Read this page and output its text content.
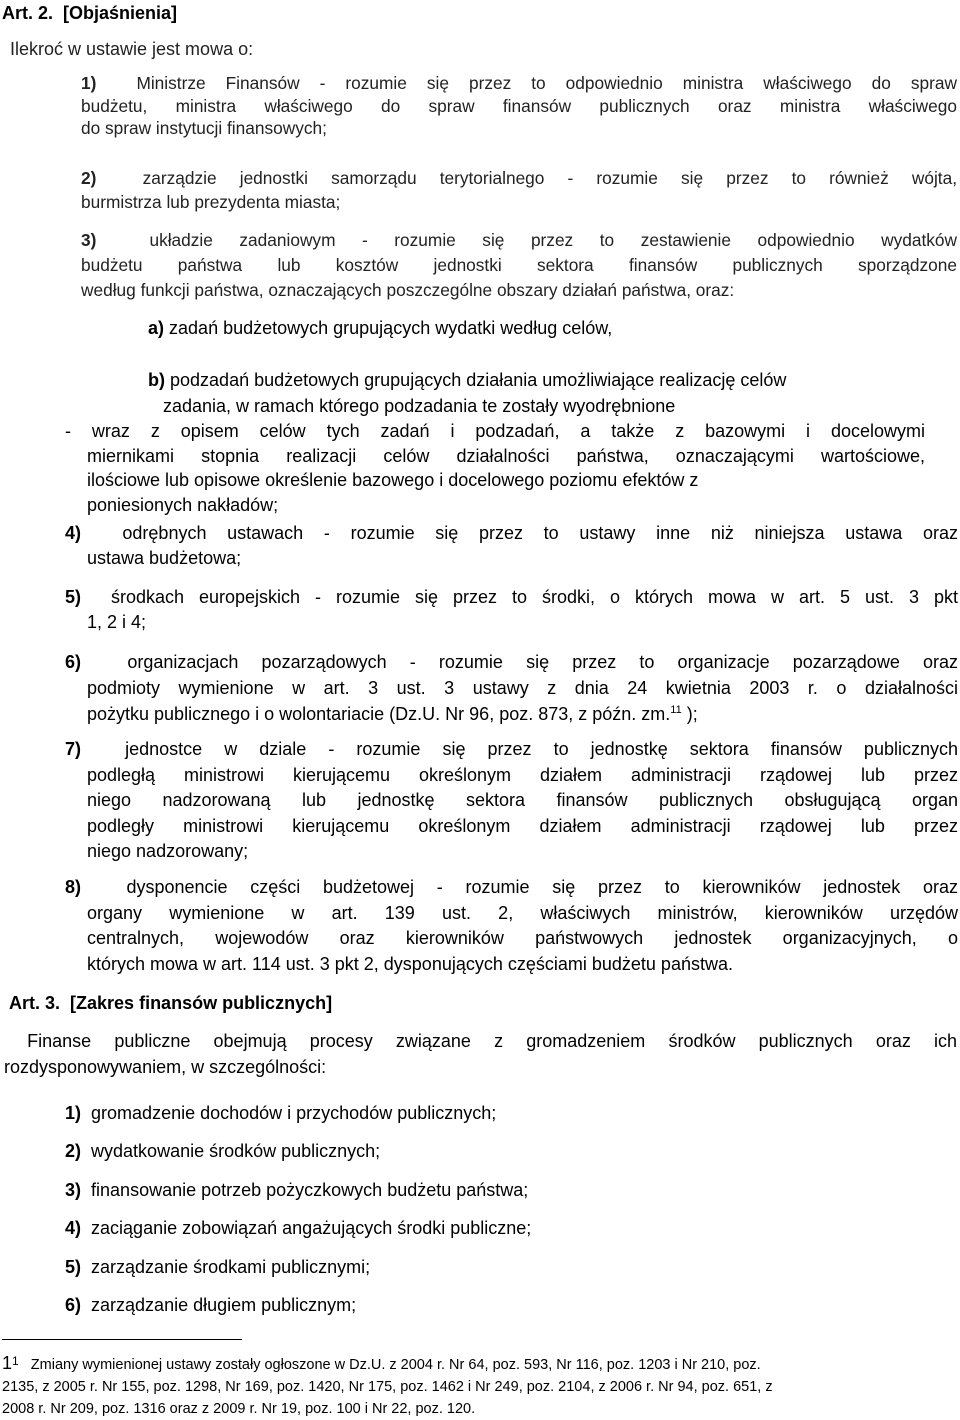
Art. 2. [Objaśnienia]
Ilekroć w ustawie jest mowa o:
1) Ministrze Finansów - rozumie się przez to odpowiednio ministra właściwego do spraw
budżetu, ministra właściwego do spraw finansów publicznych oraz ministra właściwego
do spraw instytucji finansowych;
2)	zarządzie jednostki samorządu terytorialnego - rozumie się przez to również wójta,
burmistrza lub prezydenta miasta;
3)	układzie zadaniowym - rozumie się przez to zestawienie odpowiednio wydatków
budżetu państwa lub kosztów jednostki sektora finansów publicznych sporządzone
według funkcji państwa, oznaczających poszczególne obszary działań państwa, oraz:
a) zadań budżetowych grupujących wydatki według celów,
b) podzadań budżetowych grupujących działania umożliwiające realizację celów
zadania, w ramach którego podzadania te zostały wyodrębnione
- wraz z opisem celów tych zadań i podzadań, a także z bazowymi i docelowymi
miernikami stopnia realizacji celów działalności państwa, oznaczającymi wartościowe,
ilościowe lub opisowe określenie bazowego i docelowego poziomu efektów z
poniesionych nakładów;
4) odrębnych ustawach - rozumie się przez to ustawy inne niż niniejsza ustawa oraz
ustawa budżetowa;
5) środkach europejskich - rozumie się przez to środki, o których mowa w art. 5 ust. 3 pkt
1, 2 i 4;
6)	organizacjach pozarządowych - rozumie się przez to organizacje pozarządowe oraz
podmioty wymienione w art. 3 ust. 3 ustawy z dnia 24 kwietnia 2003 r. o działalności
pożytku publicznego i o wolontariacie (Dz.U. Nr 96, poz. 873, z późn. zm.$^{11}$ );
7) jednostce w dziale - rozumie się przez to jednostkę sektora finansów publicznych
podległą ministrowi kierującemu określonym działem administracji rządowej lub przez
niego nadzorowaną lub jednostkę sektora finansów publicznych obsługującą organ
podległy ministrowi kierującemu określonym działem administracji rządowej lub przez
niego nadzorowany;
8)	dysponencie części budżetowej - rozumie się przez to kierowników jednostek oraz
organy wymienione w art. 139 ust. 2, właściwych ministrów, kierowników urzędów
centralnych, wojewodów oraz kierowników państwowych jednostek organizacyjnych, o
których mowa w art. 114 ust. 3 pkt 2, dysponujących częściami budżetu państwa.
Art. 3. [Zakres finansów publicznych]
Finanse publiczne obejmują procesy związane z gromadzeniem środków publicznych oraz ich
rozdysponowywaniem, w szczególności:
1) gromadzenie dochodów i przychodów publicznych;
2) wydatkowanie środków publicznych;
3) finansowanie potrzeb pożyczkowych budżetu państwa;
4) zaciąganie zobowiązań angażujących środki publiczne;
5) zarządzanie środkami publicznymi;
6) zarządzanie długiem publicznym;
$1^1$ Zmiany wymienionej ustawy zostały ogłoszone w Dz.U. z 2004 r. Nr 64, poz. 593, Nr 116, poz. 1203 i Nr 210, poz.
2135, z 2005 r. Nr 155, poz. 1298, Nr 169, poz. 1420, Nr 175, poz. 1462 i Nr 249, poz. 2104, z 2006 r. Nr 94, poz. 651, z
2008 r. Nr 209, poz. 1316 oraz z 2009 r. Nr 19, poz. 100 i Nr 22, poz. 120.
